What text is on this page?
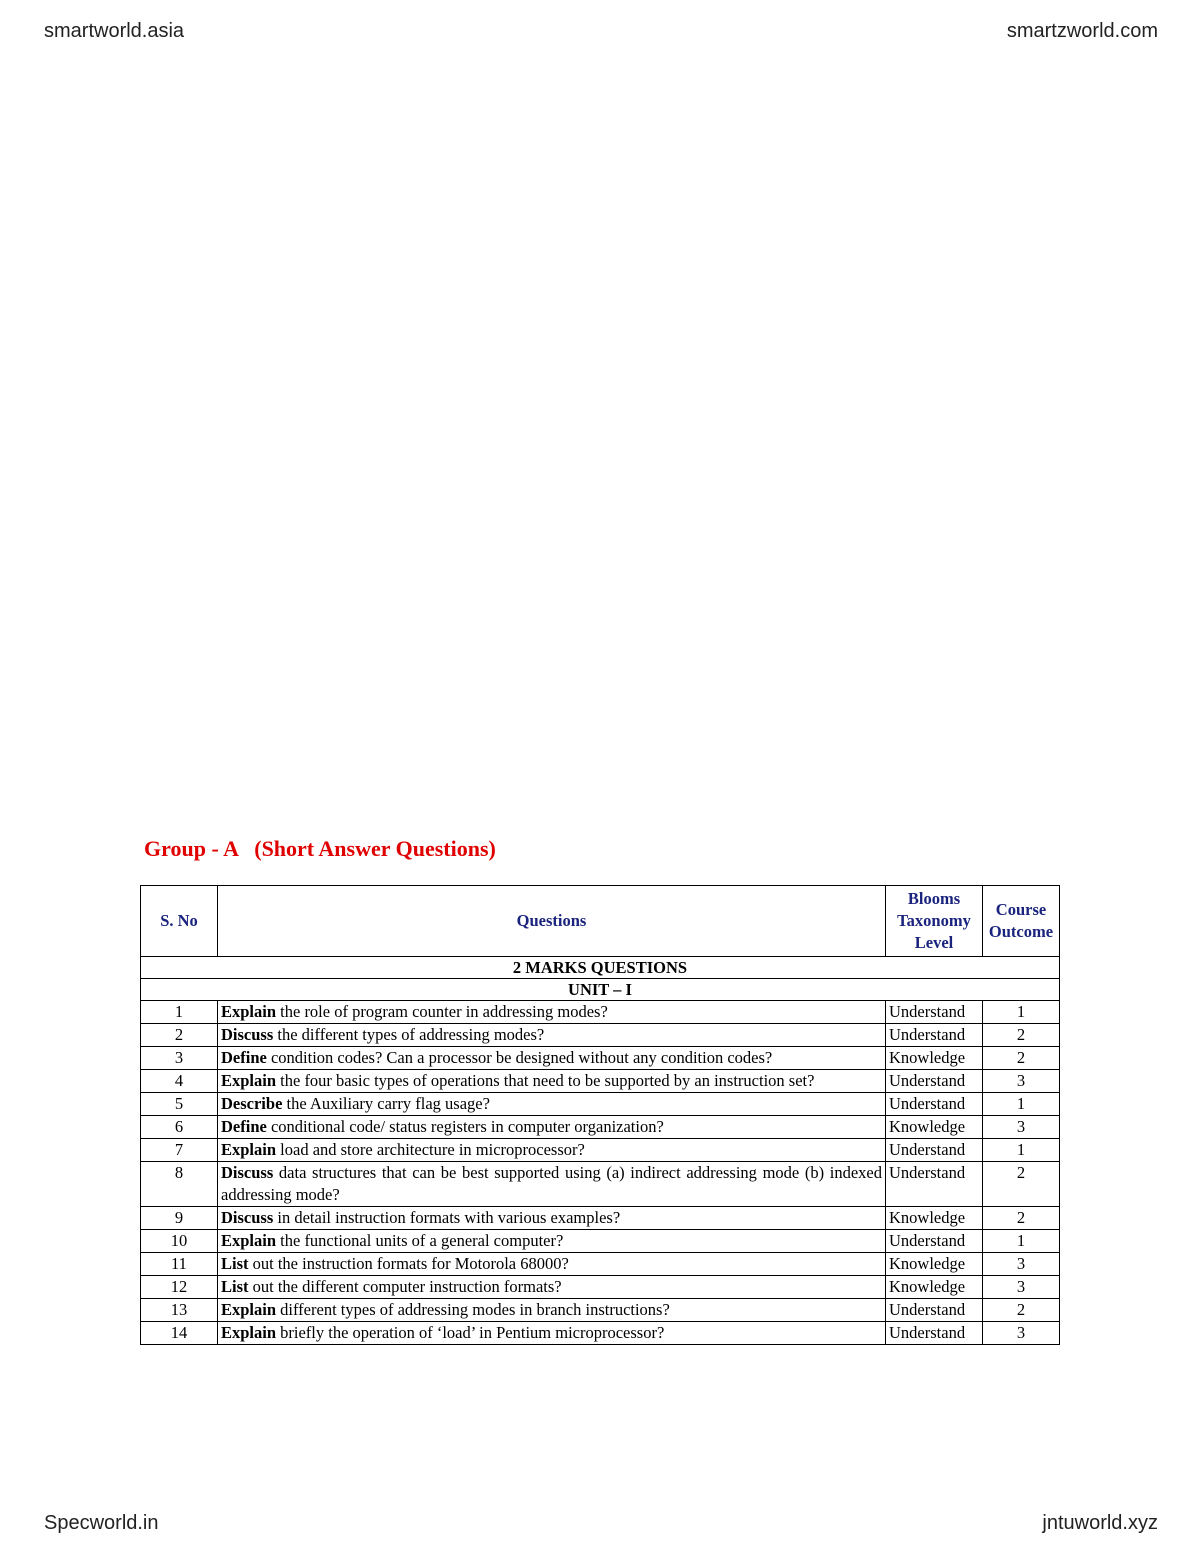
smartworld.asia	smartzworld.com
Group - A   (Short Answer Questions)
S. No	Questions	Blooms Taxonomy Level	Course Outcome
2 MARKS QUESTIONS			
UNIT – I			
1	Explain the role of program counter in addressing modes?	Understand	1
2	Discuss the different types of addressing modes?	Understand	2
3	Define condition codes? Can a processor be designed without any condition codes?	Knowledge	2
4	Explain the four basic types of operations that need to be supported by an instruction set?	Understand	3
5	Describe the Auxiliary carry flag usage?	Understand	1
6	Define conditional code/ status registers in computer organization?	Knowledge	3
7	Explain load and store architecture in microprocessor?	Understand	1
8	Discuss data structures that can be best supported using (a) indirect addressing mode (b) indexed addressing mode?	Understand	2
9	Discuss in detail instruction formats with various examples?	Knowledge	2
10	Explain the functional units of a general computer?	Understand	1
11	List out the instruction formats for Motorola 68000?	Knowledge	3
12	List out the different computer instruction formats?	Knowledge	3
13	Explain different types of addressing modes in branch instructions?	Understand	2
14	Explain briefly the operation of ‘load’ in Pentium microprocessor?	Understand	3
Specworld.in	jntuworld.xyz
